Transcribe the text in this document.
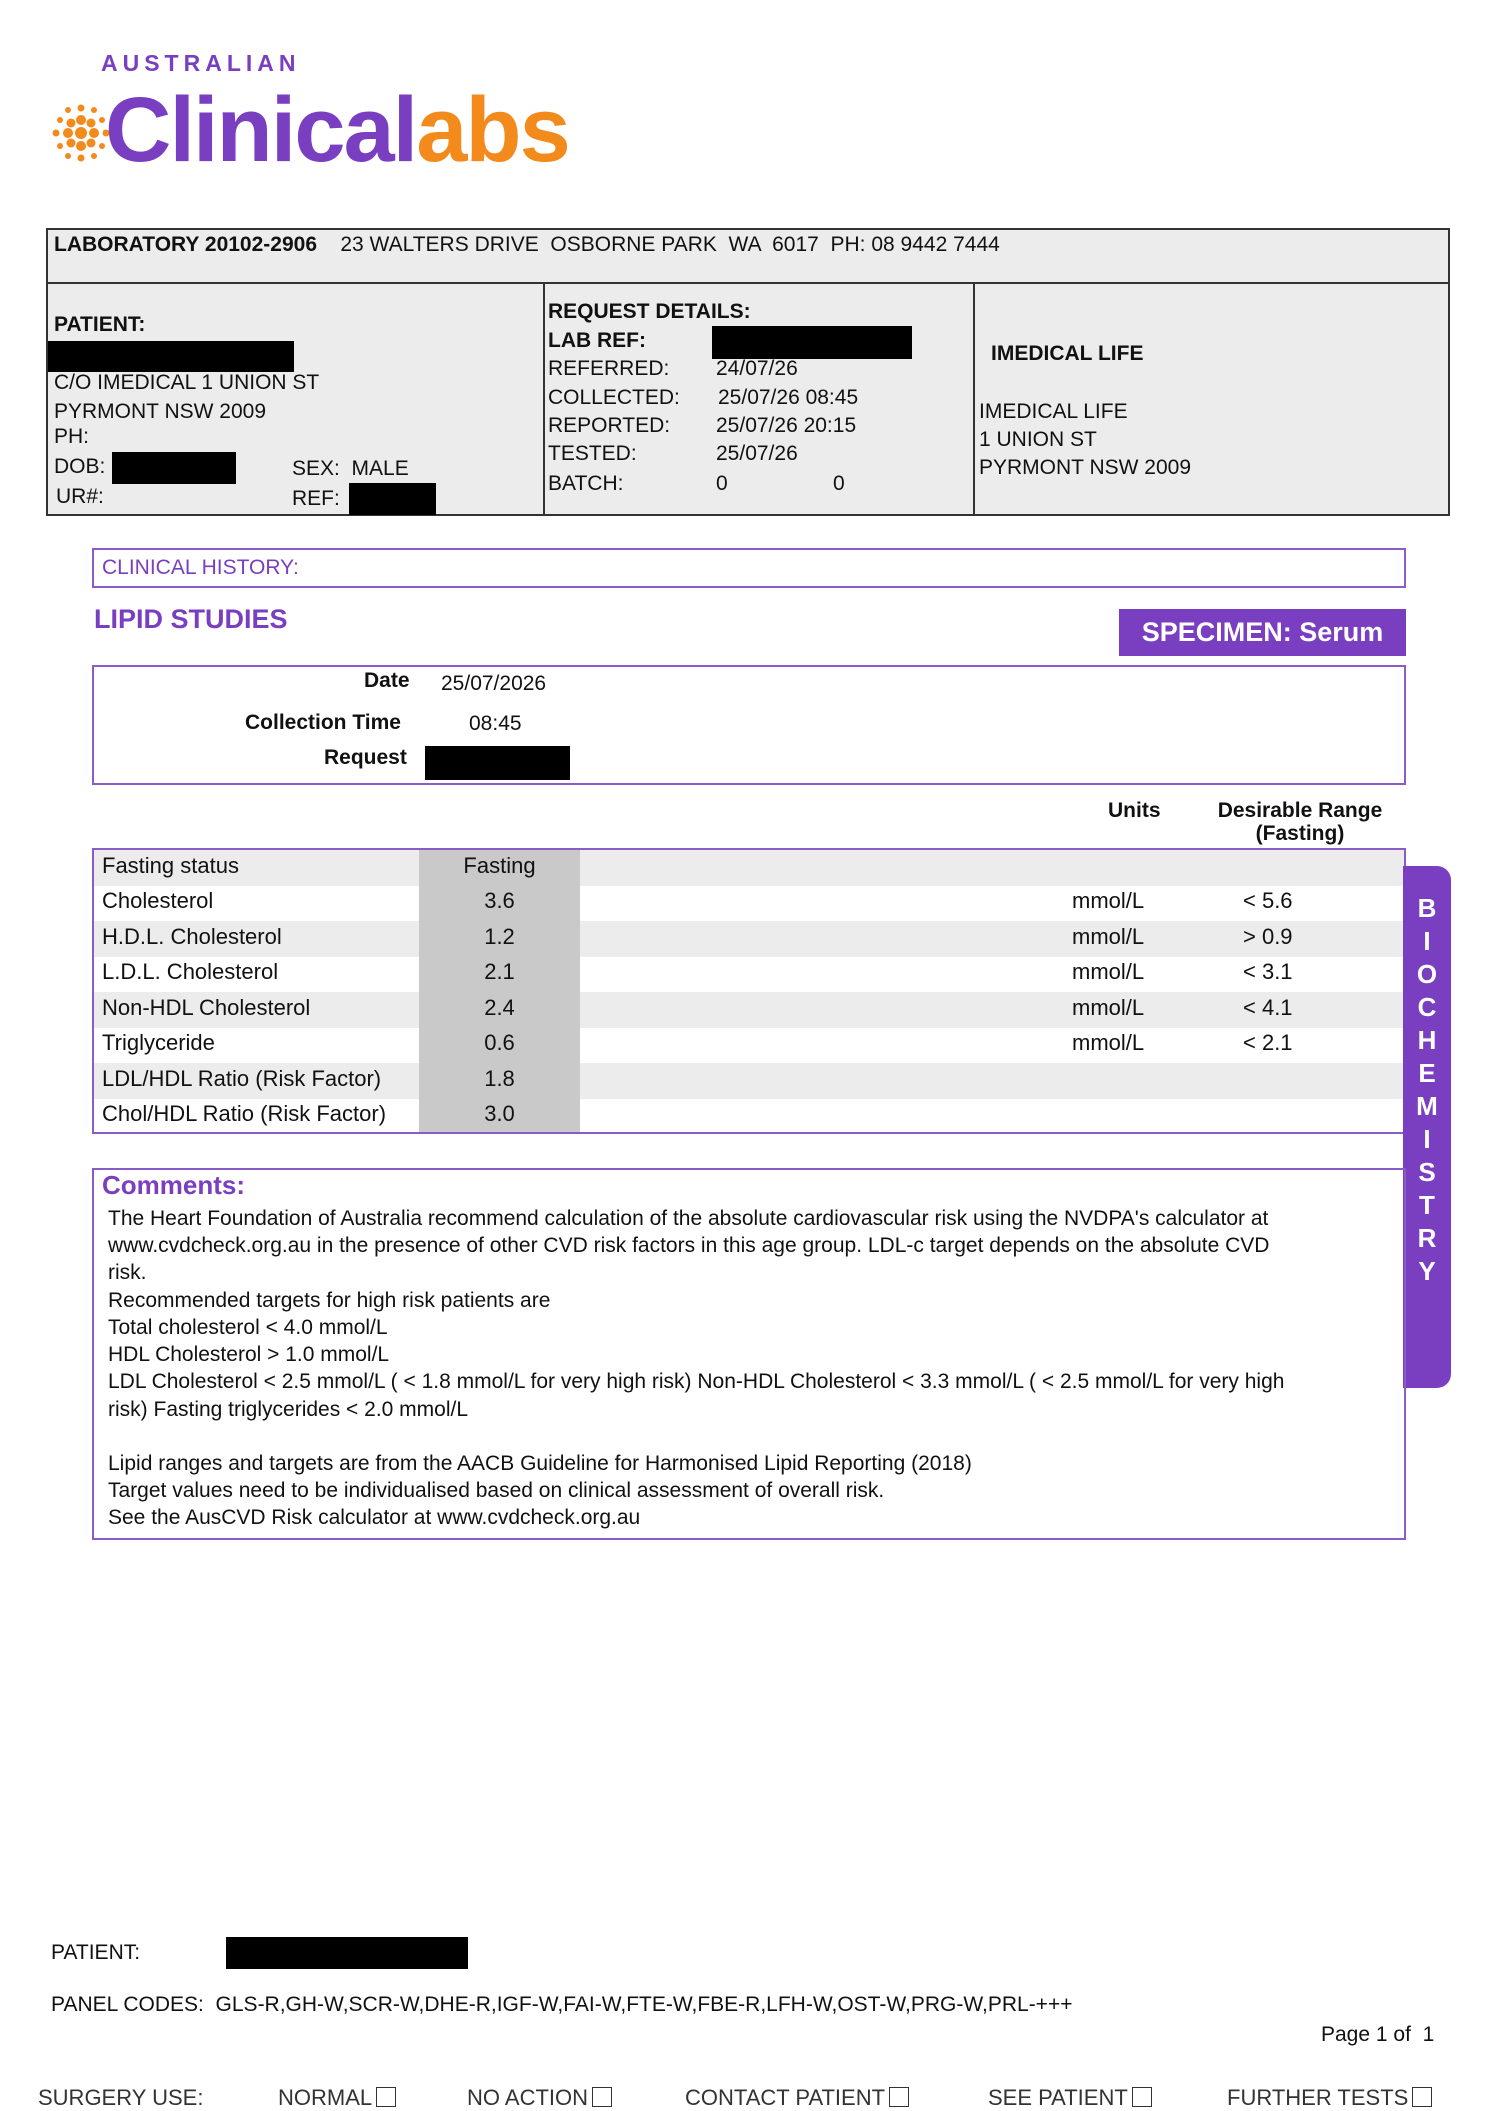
AUSTRALIAN
Clinicalabs
LABORATORY 20102-2906 23 WALTERS DRIVE  OSBORNE PARK  WA  6017  PH: 08 9442 7444
PATIENT:
C/O IMEDICAL 1 UNION ST
PYRMONT NSW 2009
PH:
DOB:	SEX: MALE
UR#:	REF:
REQUEST DETAILS:
LAB REF:
REFERRED: 24/07/26
COLLECTED: 25/07/26 08:45
REPORTED: 25/07/26 20:15
TESTED:	25/07/26
BATCH:	0	0
IMEDICAL LIFE
IMEDICAL LIFE
1 UNION ST
PYRMONT NSW 2009
CLINICAL HISTORY:
LIPID STUDIES	SPECIMEN: Serum
Date 25/07/2026
Collection Time	08:45
Request
Units	Desirable Range
(Fasting)
Fasting status	Fasting
Cholesterol	3.6	mmol/L	< 5.6
H.D.L. Cholesterol	1.2	mmol/L	> 0.9
L.D.L. Cholesterol	2.1	mmol/L	< 3.1
Non-HDL Cholesterol	2.4	mmol/L	< 4.1
Triglyceride	0.6	mmol/L	< 2.1
LDL/HDL Ratio (Risk Factor)	1.8
Chol/HDL Ratio (Risk Factor)	3.0
B
I
O
C
H
E
M
I
S
T
R
Y
Comments:
The Heart Foundation of Australia recommend calculation of the absolute cardiovascular risk using the NVDPA's calculator at
www.cvdcheck.org.au in the presence of other CVD risk factors in this age group. LDL-c target depends on the absolute CVD
risk.
Recommended targets for high risk patients are
Total cholesterol < 4.0 mmol/L
HDL Cholesterol > 1.0 mmol/L
LDL Cholesterol < 2.5 mmol/L ( < 1.8 mmol/L for very high risk) Non-HDL Cholesterol < 3.3 mmol/L ( < 2.5 mmol/L for very high
risk) Fasting triglycerides < 2.0 mmol/L
Lipid ranges and targets are from the AACB Guideline for Harmonised Lipid Reporting (2018)
Target values need to be individualised based on clinical assessment of overall risk.
See the AusCVD Risk calculator at www.cvdcheck.org.au
PATIENT:
PANEL CODES:  GLS-R,GH-W,SCR-W,DHE-R,IGF-W,FAI-W,FTE-W,FBE-R,LFH-W,OST-W,PRG-W,PRL-+++
Page 1 of  1
SURGERY USE:	NORMAL	NO ACTION	CONTACT PATIENT	SEE PATIENT	FURTHER TESTS
